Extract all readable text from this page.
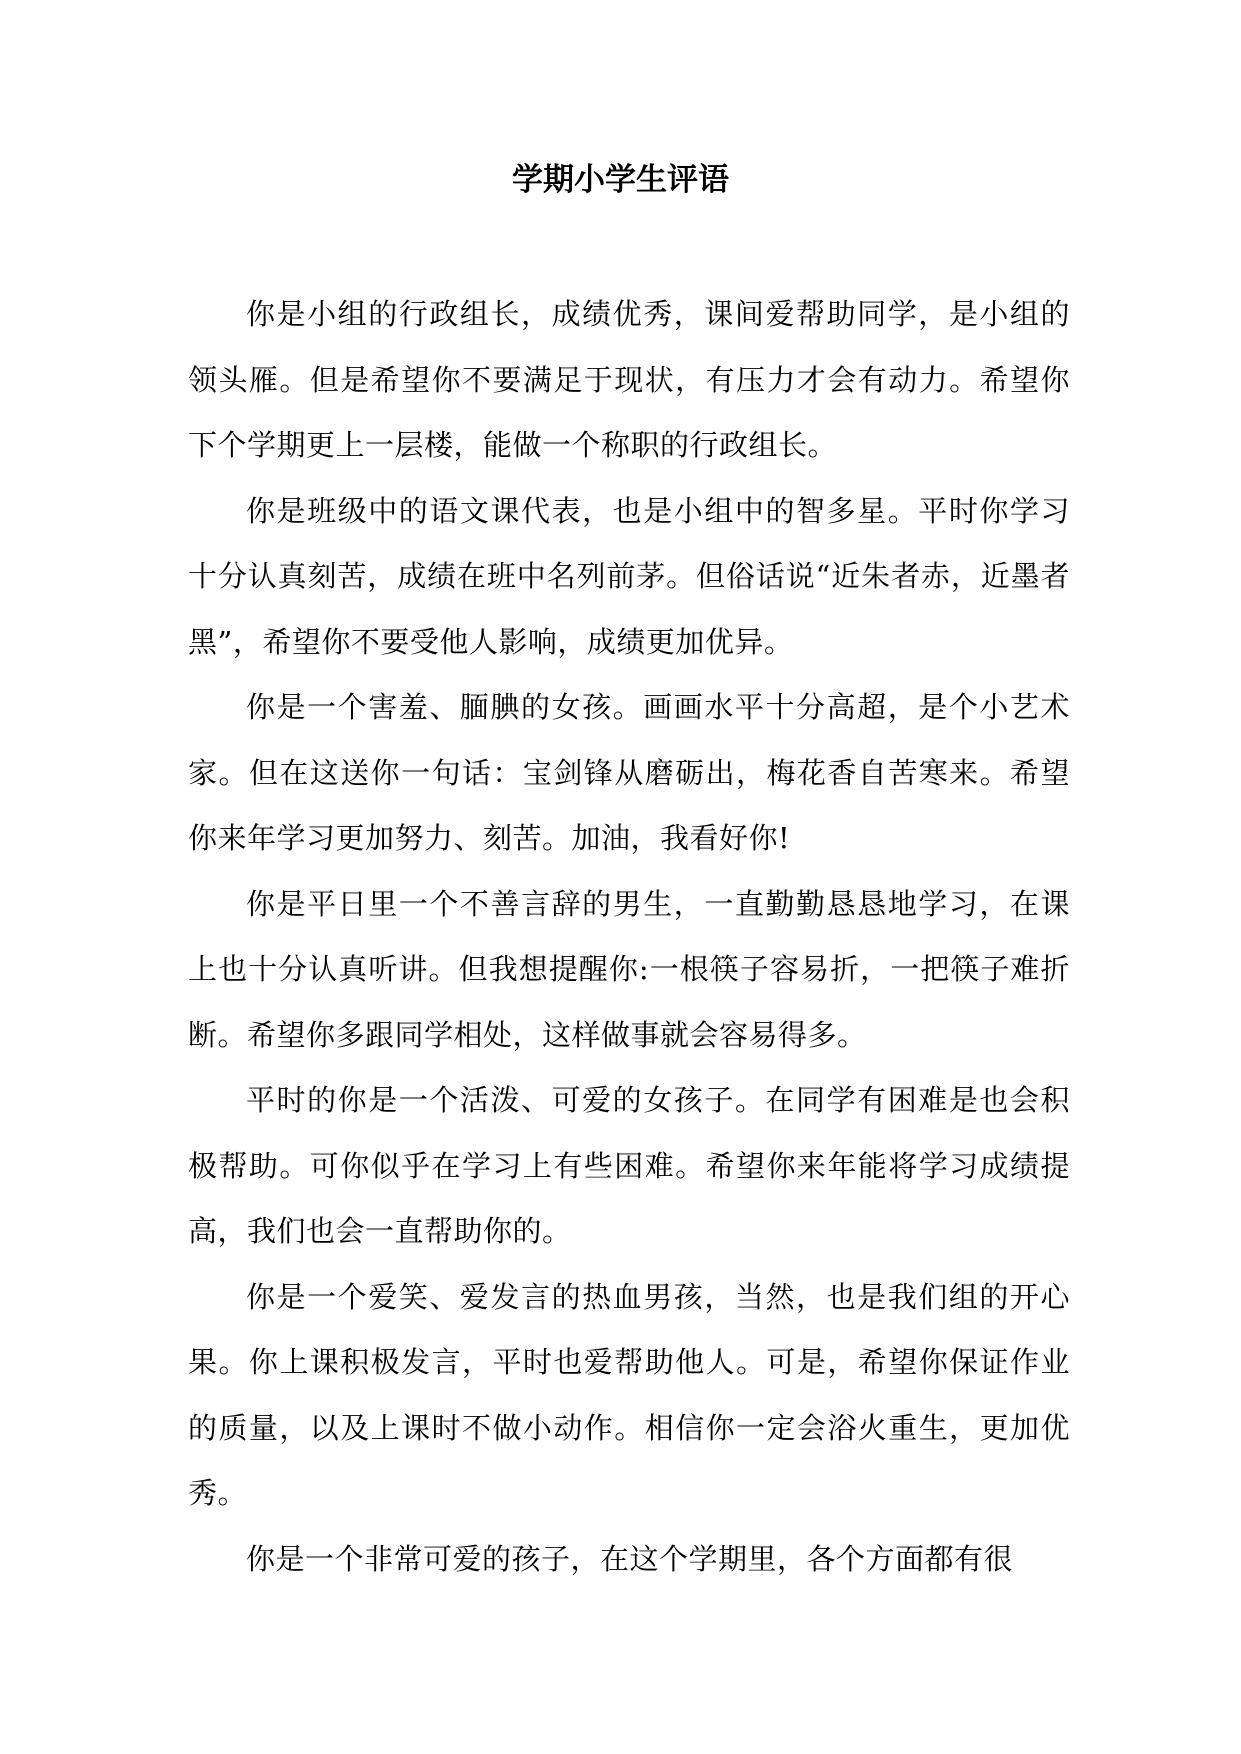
学期小学生评语

你是小组的行政组长，成绩优秀，课间爱帮助同学，是小组的领头雁。但是希望你不要满足于现状，有压力才会有动力。希望你下个学期更上一层楼，能做一个称职的行政组长。

你是班级中的语文课代表，也是小组中的智多星。平时你学习十分认真刻苦，成绩在班中名列前茅。但俗话说“近朱者赤，近墨者黑”，希望你不要受他人影响，成绩更加优异。

你是一个害羞、腼腆的女孩。画画水平十分高超，是个小艺术家。但在这送你一句话：宝剑锋从磨砺出，梅花香自苦寒来。希望你来年学习更加努力、刻苦。加油，我看好你!

你是平日里一个不善言辞的男生，一直勤勤恳恳地学习，在课上也十分认真听讲。但我想提醒你:一根筷子容易折，一把筷子难折断。希望你多跟同学相处，这样做事就会容易得多。

平时的你是一个活泼、可爱的女孩子。在同学有困难是也会积极帮助。可你似乎在学习上有些困难。希望你来年能将学习成绩提高，我们也会一直帮助你的。

你是一个爱笑、爱发言的热血男孩，当然，也是我们组的开心果。你上课积极发言，平时也爱帮助他人。可是，希望你保证作业的质量，以及上课时不做小动作。相信你一定会浴火重生，更加优秀。

你是一个非常可爱的孩子，在这个学期里，各个方面都有很
